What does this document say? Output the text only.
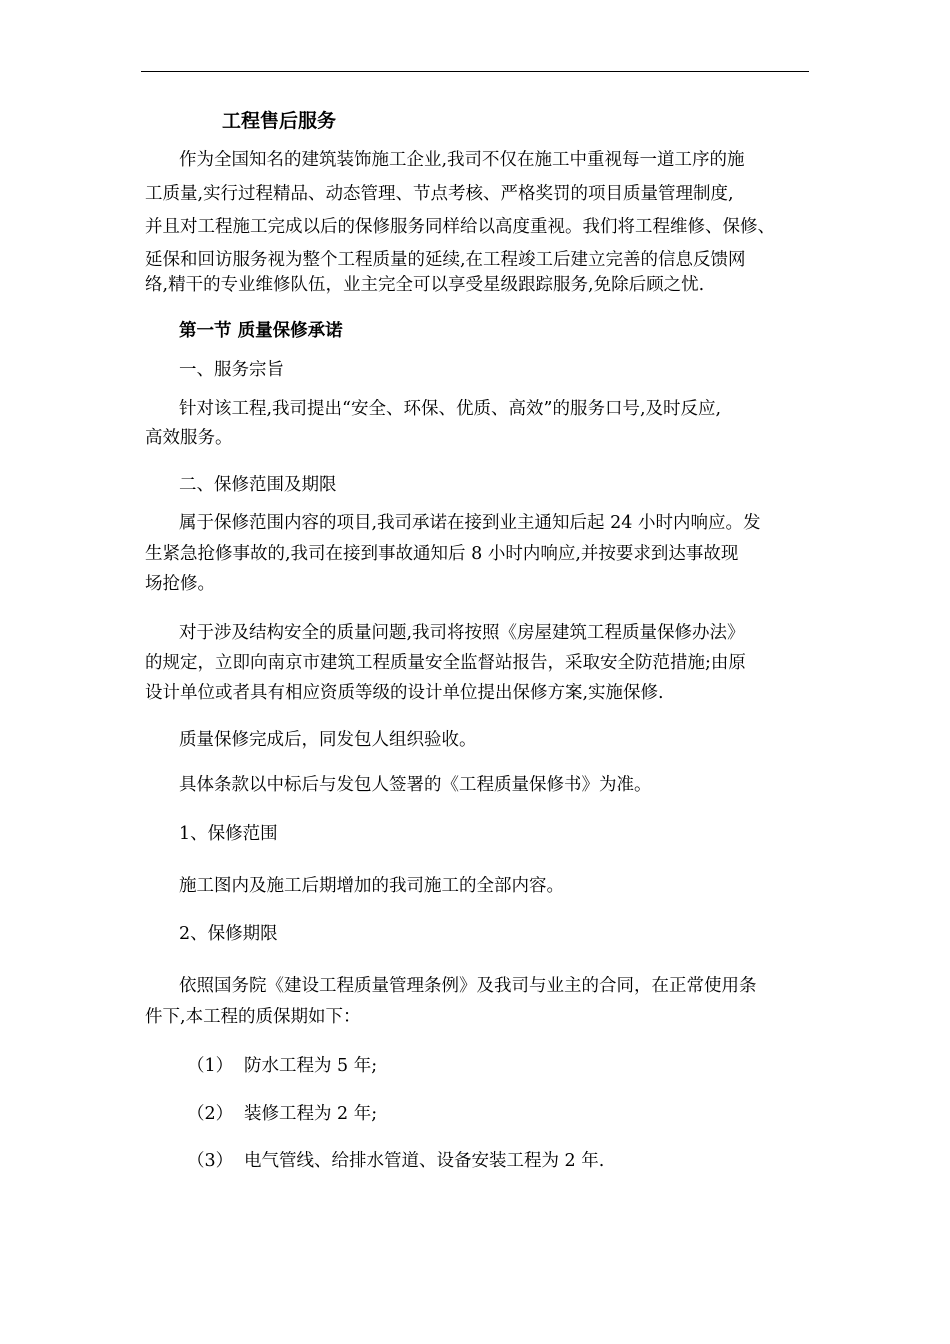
工程售后服务
作为全国知名的建筑装饰施工企业,我司不仅在施工中重视每一道工序的施
工质量,实行过程精品、动态管理、节点考核、严格奖罚的项目质量管理制度,
并且对工程施工完成以后的保修服务同样给以高度重视。我们将工程维修、保修、
延保和回访服务视为整个工程质量的延续,在工程竣工后建立完善的信息反馈网
络,精干的专业维修队伍，业主完全可以享受星级跟踪服务,免除后顾之忧.
第一节 质量保修承诺
一、服务宗旨
针对该工程,我司提出“安全、环保、优质、高效”的服务口号,及时反应,
高效服务。
二、保修范围及期限
属于保修范围内容的项目,我司承诺在接到业主通知后起 24 小时内响应。发
生紧急抢修事故的,我司在接到事故通知后 8 小时内响应,并按要求到达事故现
场抢修。
对于涉及结构安全的质量问题,我司将按照《房屋建筑工程质量保修办法》
的规定，立即向南京市建筑工程质量安全监督站报告，采取安全防范措施;由原
设计单位或者具有相应资质等级的设计单位提出保修方案,实施保修.
质量保修完成后，同发包人组织验收。
具体条款以中标后与发包人签署的《工程质量保修书》为准。
1、保修范围
施工图内及施工后期增加的我司施工的全部内容。
2、保修期限
依照国务院《建设工程质量管理条例》及我司与业主的合同，在正常使用条
件下,本工程的质保期如下：
（1） 防水工程为 5 年;
（2） 装修工程为 2 年;
（3） 电气管线、给排水管道、设备安装工程为 2 年.
